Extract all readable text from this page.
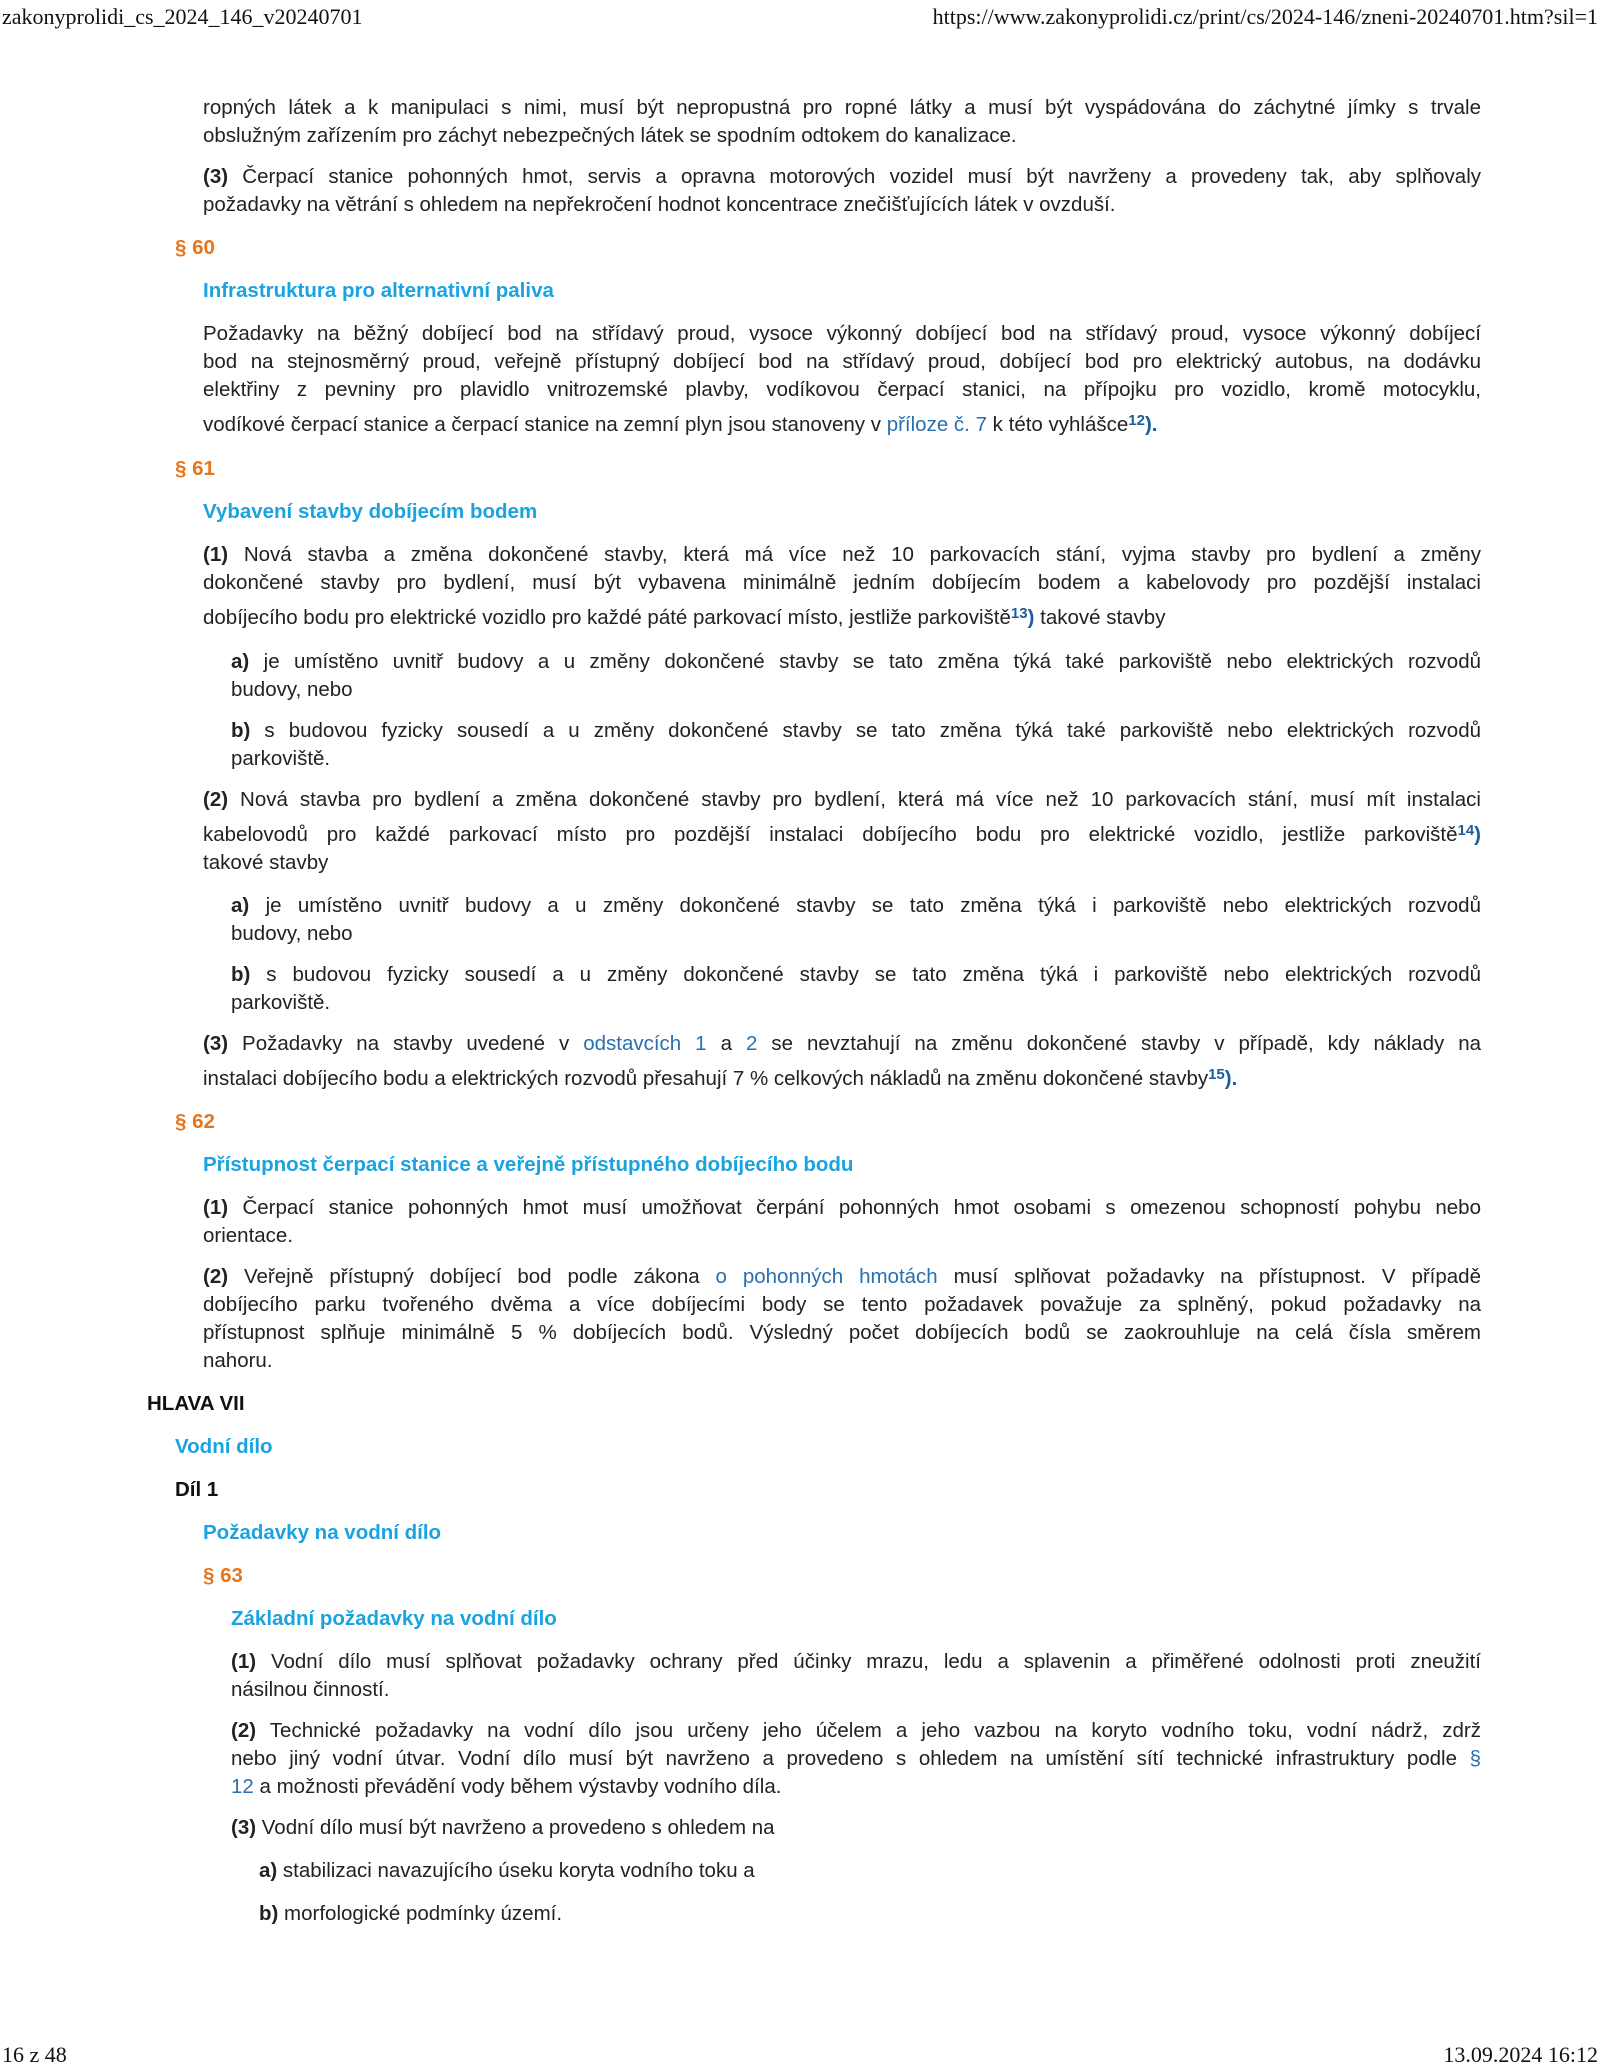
zakonyprolidi_cs_2024_146_v20240701	https://www.zakonyprolidi.cz/print/cs/2024-146/zneni-20240701.htm?sil=1
ropných látek a k manipulaci s nimi, musí být nepropustná pro ropné látky a musí být vyspádována do záchytné jímky s trvale
obslužným zařízením pro záchyt nebezpečných látek se spodním odtokem do kanalizace.
(3) Čerpací stanice pohonných hmot, servis a opravna motorových vozidel musí být navrženy a provedeny tak, aby splňovaly
požadavky na větrání s ohledem na nepřekročení hodnot koncentrace znečišťujících látek v ovzduší.
§ 60
Infrastruktura pro alternativní paliva
Požadavky na běžný dobíjecí bod na střídavý proud, vysoce výkonný dobíjecí bod na střídavý proud, vysoce výkonný dobíjecí
bod na stejnosměrný proud, veřejně přístupný dobíjecí bod na střídavý proud, dobíjecí bod pro elektrický autobus, na dodávku
elektřiny z pevniny pro plavidlo vnitrozemské plavby, vodíkovou čerpací stanici, na přípojku pro vozidlo, kromě motocyklu,
vodíkové čerpací stanice a čerpací stanice na zemní plyn jsou stanoveny v příloze č. 7 k této vyhlášce$^{12}$).
§ 61
Vybavení stavby dobíjecím bodem
(1) Nová stavba a změna dokončené stavby, která má více než 10 parkovacích stání, vyjma stavby pro bydlení a změny
dokončené stavby pro bydlení, musí být vybavena minimálně jedním dobíjecím bodem a kabelovody pro pozdější instalaci
dobíjecího bodu pro elektrické vozidlo pro každé páté parkovací místo, jestliže parkoviště$^{13}$) takové stavby
a) je umístěno uvnitř budovy a u změny dokončené stavby se tato změna týká také parkoviště nebo elektrických rozvodů
budovy, nebo
b) s budovou fyzicky sousedí a u změny dokončené stavby se tato změna týká také parkoviště nebo elektrických rozvodů
parkoviště.
(2) Nová stavba pro bydlení a změna dokončené stavby pro bydlení, která má více než 10 parkovacích stání, musí mít instalaci
kabelovodů pro každé parkovací místo pro pozdější instalaci dobíjecího bodu pro elektrické vozidlo, jestliže parkoviště$^{14}$)
takové stavby
a) je umístěno uvnitř budovy a u změny dokončené stavby se tato změna týká i parkoviště nebo elektrických rozvodů
budovy, nebo
b) s budovou fyzicky sousedí a u změny dokončené stavby se tato změna týká i parkoviště nebo elektrických rozvodů
parkoviště.
(3) Požadavky na stavby uvedené v odstavcích 1 a 2 se nevztahují na změnu dokončené stavby v případě, kdy náklady na
instalaci dobíjecího bodu a elektrických rozvodů přesahují 7 % celkových nákladů na změnu dokončené stavby$^{15}$).
§ 62
Přístupnost čerpací stanice a veřejně přístupného dobíjecího bodu
(1) Čerpací stanice pohonných hmot musí umožňovat čerpání pohonných hmot osobami s omezenou schopností pohybu nebo
orientace.
(2) Veřejně přístupný dobíjecí bod podle zákona o pohonných hmotách musí splňovat požadavky na přístupnost. V případě
dobíjecího parku tvořeného dvěma a více dobíjecími body se tento požadavek považuje za splněný, pokud požadavky na
přístupnost splňuje minimálně 5 % dobíjecích bodů. Výsledný počet dobíjecích bodů se zaokrouhluje na celá čísla směrem
nahoru.
HLAVA VII
Vodní dílo
Díl 1
Požadavky na vodní dílo
§ 63
Základní požadavky na vodní dílo
(1) Vodní dílo musí splňovat požadavky ochrany před účinky mrazu, ledu a splavenin a přiměřené odolnosti proti zneužití
násilnou činností.
(2) Technické požadavky na vodní dílo jsou určeny jeho účelem a jeho vazbou na koryto vodního toku, vodní nádrž, zdrž
nebo jiný vodní útvar. Vodní dílo musí být navrženo a provedeno s ohledem na umístění sítí technické infrastruktury podle §
12 a možnosti převádění vody během výstavby vodního díla.
(3) Vodní dílo musí být navrženo a provedeno s ohledem na
a) stabilizaci navazujícího úseku koryta vodního toku a
b) morfologické podmínky území.
16 z 48	13.09.2024 16:12
